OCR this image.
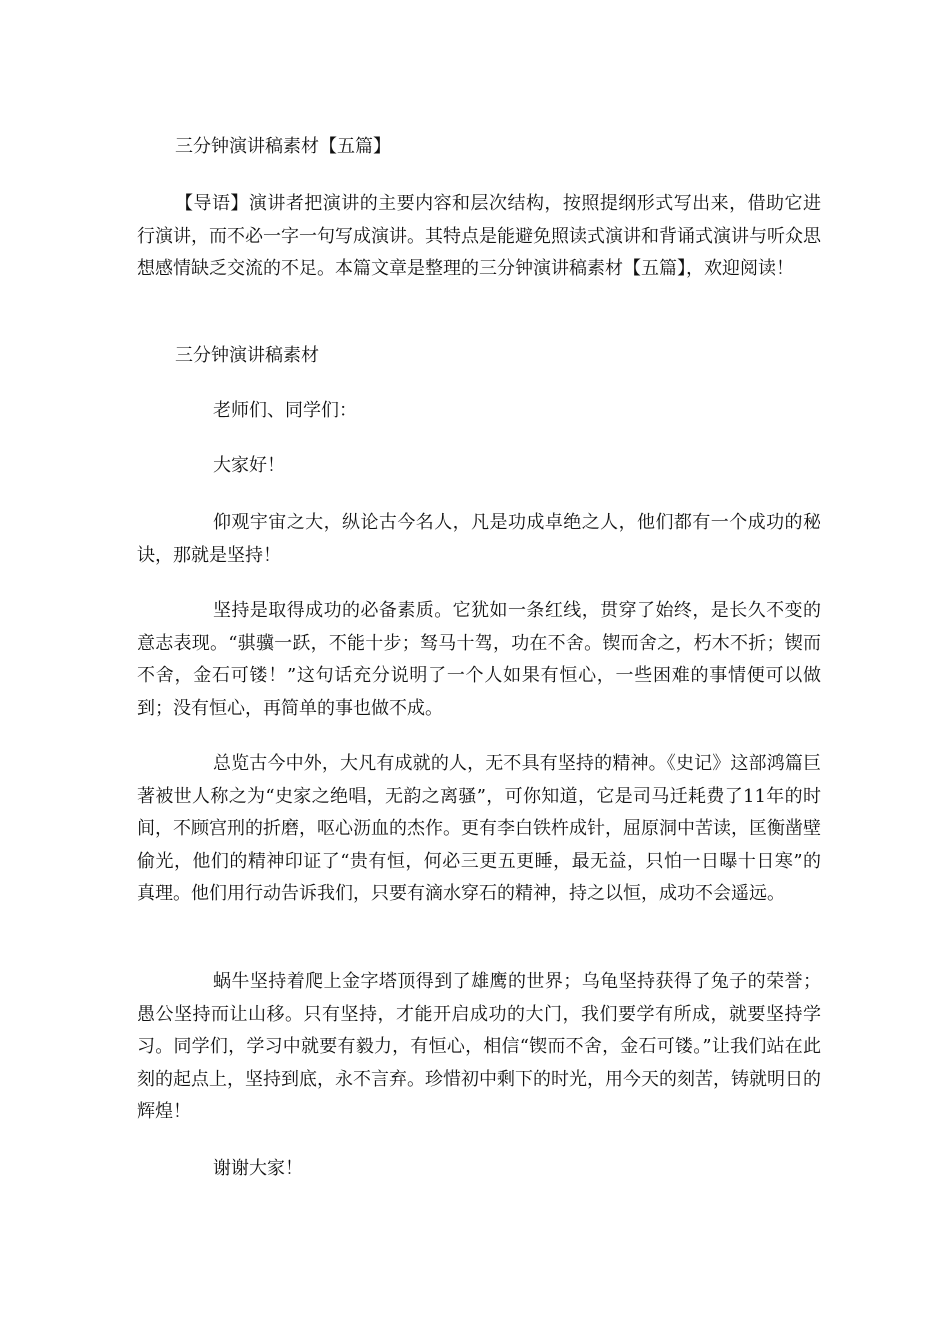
三分钟演讲稿素材【五篇】

【导语】演讲者把演讲的主要内容和层次结构，按照提纲形式写出来，借助它进行演讲，而不必一字一句写成演讲。其特点是能避免照读式演讲和背诵式演讲与听众思想感情缺乏交流的不足。本篇文章是整理的三分钟演讲稿素材【五篇】，欢迎阅读！

三分钟演讲稿素材

老师们、同学们：

大家好！

仰观宇宙之大，纵论古今名人，凡是功成卓绝之人，他们都有一个成功的秘诀，那就是坚持！

坚持是取得成功的必备素质。它犹如一条红线，贯穿了始终，是长久不变的意志表现。“骐骥一跃，不能十步；驽马十驾，功在不舍。锲而舍之，朽木不折；锲而不舍，金石可镂！”这句话充分说明了一个人如果有恒心，一些困难的事情便可以做到；没有恒心，再简单的事也做不成。

总览古今中外，大凡有成就的人，无不具有坚持的精神。《史记》这部鸿篇巨著被世人称之为“史家之绝唱，无韵之离骚”，可你知道，它是司马迁耗费了11年的时间，不顾宫刑的折磨，呕心沥血的杰作。更有李白铁杵成针，屈原洞中苦读，匡衡凿壁偷光，他们的精神印证了“贵有恒，何必三更五更睡，最无益，只怕一日曝十日寒”的真理。他们用行动告诉我们，只要有滴水穿石的精神，持之以恒，成功不会遥远。

蜗牛坚持着爬上金字塔顶得到了雄鹰的世界；乌龟坚持获得了兔子的荣誉；愚公坚持而让山移。只有坚持，才能开启成功的大门，我们要学有所成，就要坚持学习。同学们，学习中就要有毅力，有恒心，相信“锲而不舍，金石可镂。”让我们站在此刻的起点上，坚持到底，永不言弃。珍惜初中剩下的时光，用今天的刻苦，铸就明日的辉煌！

谢谢大家！
